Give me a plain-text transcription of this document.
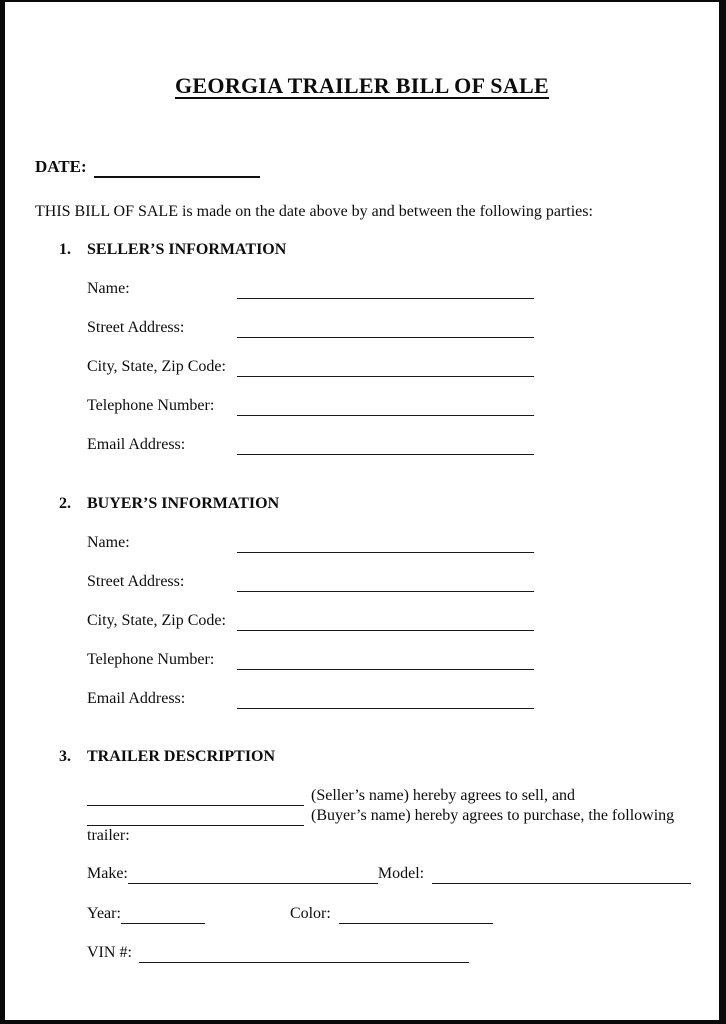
GEORGIA TRAILER BILL OF SALE
DATE:
THIS BILL OF SALE is made on the date above by and between the following parties:
1.	SELLER’S INFORMATION
Name:
Street Address:
City, State, Zip Code:
Telephone Number:
Email Address:
2.	BUYER’S INFORMATION
Name:
Street Address:
City, State, Zip Code:
Telephone Number:
Email Address:
3.	TRAILER DESCRIPTION
(Seller’s name) hereby agrees to sell, and
(Buyer’s name) hereby agrees to purchase, the following
trailer:
Make:	Model:
Year:	Color:
VIN #:
